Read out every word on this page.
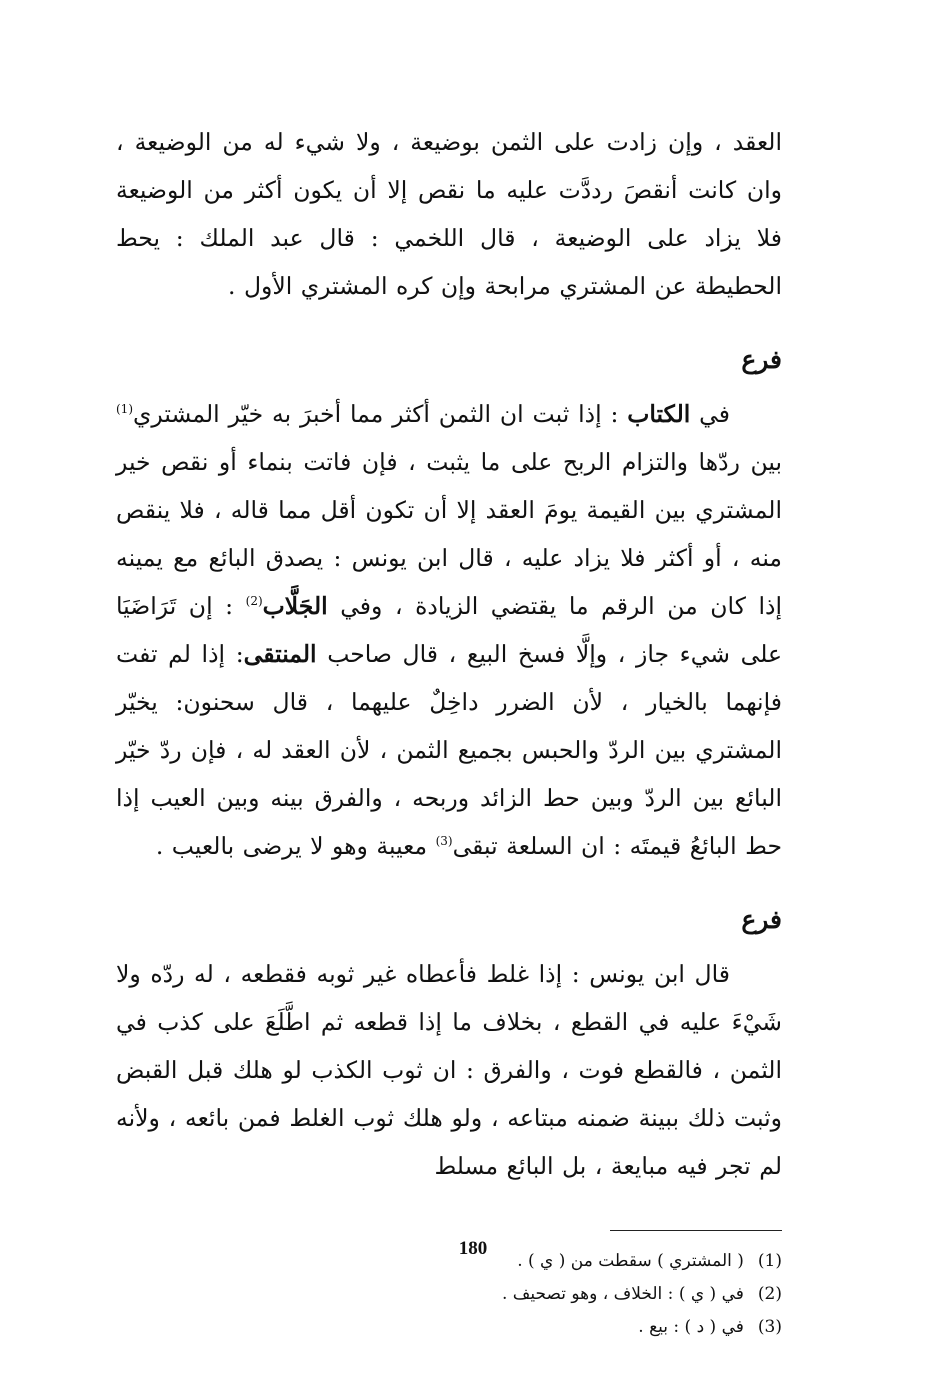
العقد ، وإن زادت على الثمن بوضيعة ، ولا شيء له من الوضيعة ، وان كانت أنقصَ رددَّت عليه ما نقص إلا أن يكون أكثر من الوضيعة فلا يزاد على الوضيعة ، قال اللخمي : قال عبد الملك : يحط الحطيطة عن المشتري مرابحة وإن كره المشتري الأول .

فرع

في الكتاب : إذا ثبت ان الثمن أكثر مما أخبرَ به خيّر المشتري$^{(1)}$ بين ردّها والتزام الربح على ما يثبت ، فإن فاتت بنماء أو نقص خير المشتري بين القيمة يومَ العقد إلا أن تكون أقل مما قاله ، فلا ينقص منه ، أو أكثر فلا يزاد عليه ، قال ابن يونس : يصدق البائع مع يمينه إذا كان من الرقم ما يقتضي الزيادة ، وفي الجَلَّاب$^{(2)}$ : إن تَرَاضَيَا على شيء جاز ، وإلَّا فسخ البيع ، قال صاحب المنتقى: إذا لم تفت فإنهما بالخيار ، لأن الضرر داخِلٌ عليهما ، قال سحنون: يخيّر المشتري بين الردّ والحبس بجميع الثمن ، لأن العقد له ، فإن ردّ خيّر البائع بين الردّ وبين حط الزائد وربحه ، والفرق بينه وبين العيب إذا حط البائعُ قيمتَه : ان السلعة تبقى$^{(3)}$ معيبة وهو لا يرضى بالعيب .

فرع

قال ابن يونس : إذا غلط فأعطاه غير ثوبه فقطعه ، له ردّه ولا شَيْءَ عليه في القطع ، بخلاف ما إذا قطعه ثم اطَّلَعَ على كذب في الثمن ، فالقطع فوت ، والفرق : ان ثوب الكذب لو هلك قبل القبض وثبت ذلك ببينة ضمنه مبتاعه ، ولو هلك ثوب الغلط فمن بائعه ، ولأنه لم تجر فيه مبايعة ، بل البائع مسلط

(1)
( المشتري ) سقطت من ( ي ) .

(2)
في ( ي ) : الخلاف ، وهو تصحيف .

(3)
في ( د ) : بيع .

180
